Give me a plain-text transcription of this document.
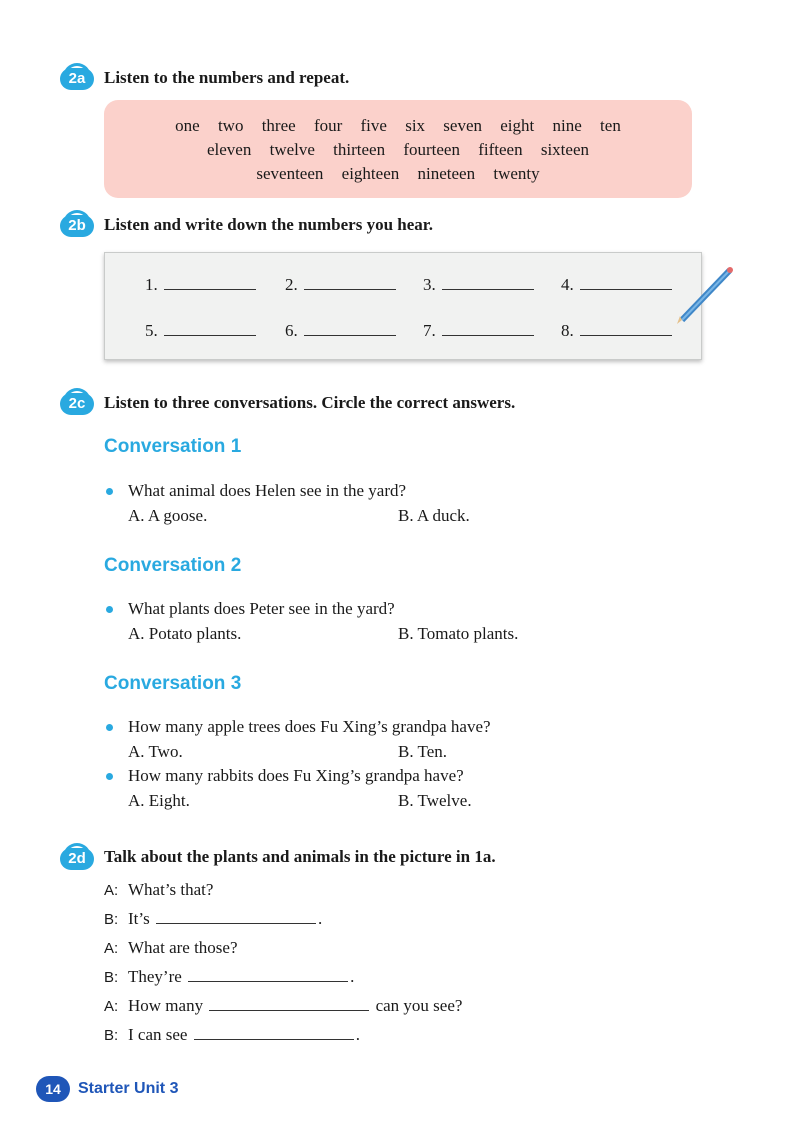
2a	Listen to the numbers and repeat.
one two three four five six seven eight nine ten
eleven twelve thirteen fourteen fifteen sixteen
seventeen eighteen nineteen twenty
2b	Listen and write down the numbers you hear.
1.	2.	3.	4.
5.	6.	7.	8.
2c	Listen to three conversations. Circle the correct answers.
Conversation 1
What animal does Helen see in the yard?
A. A goose.	B. A duck.
Conversation 2
What plants does Peter see in the yard?
A. Potato plants.	B. Tomato plants.
Conversation 3
How many apple trees does Fu Xing’s grandpa have?
A. Two.	B. Ten.
How many rabbits does Fu Xing’s grandpa have?
A. Eight.	B. Twelve.
2d	Talk about the plants and animals in the picture in 1a.
A: What’s that?
B: It’s	.
A: What are those?
B: They’re	.
A: How many	can you see?
B: I can see	.
14	Starter Unit 3
